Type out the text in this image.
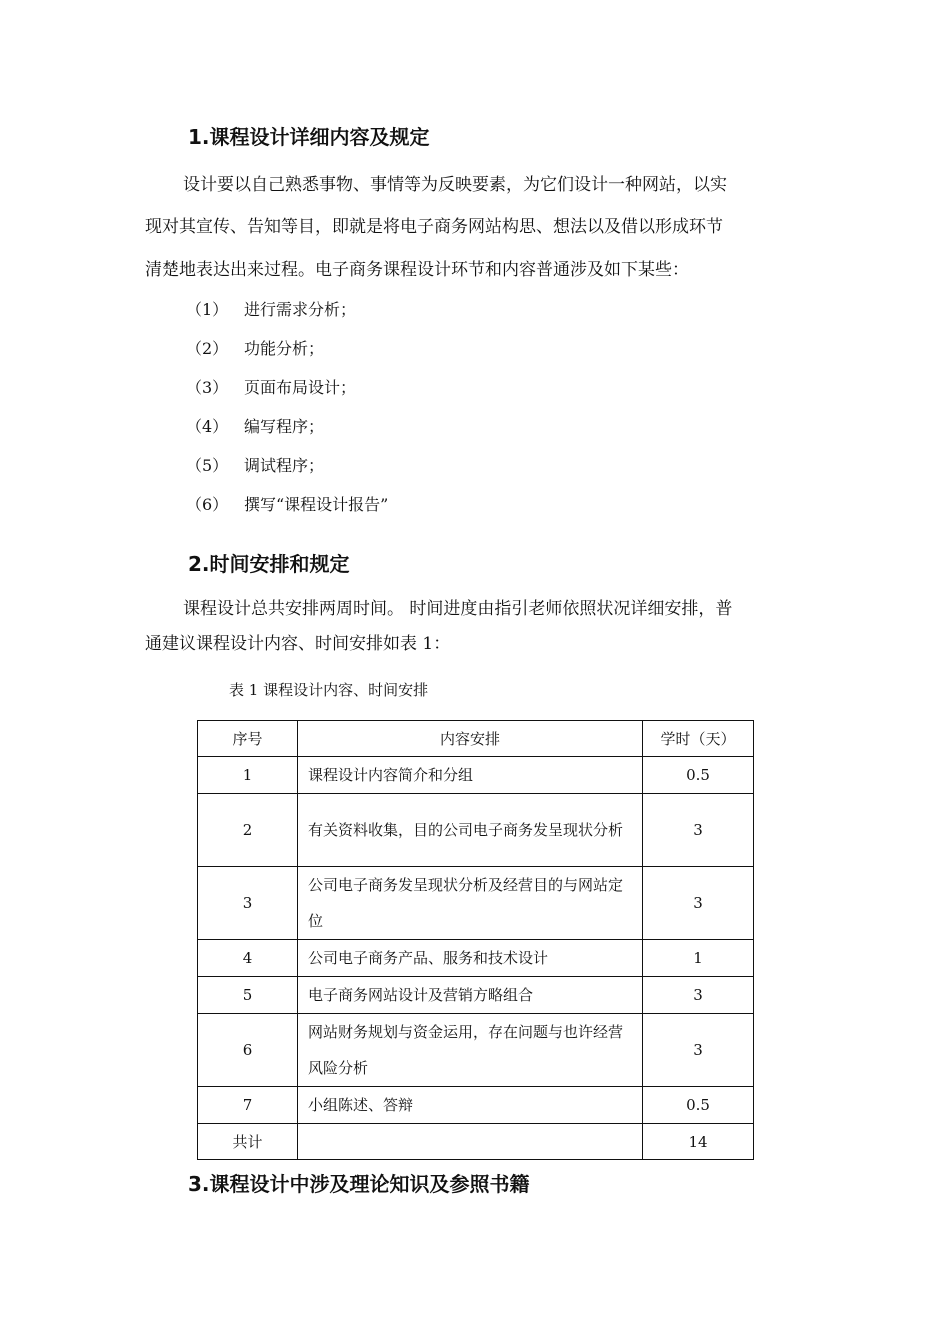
1.课程设计详细内容及规定
设计要以自己熟悉事物、事情等为反映要素，为它们设计一种网站，以实
现对其宣传、告知等目，即就是将电子商务网站构思、想法以及借以形成环节
清楚地表达出来过程。电子商务课程设计环节和内容普通涉及如下某些：
（1） 进行需求分析；
（2） 功能分析；
（3） 页面布局设计；
（4） 编写程序；
（5） 调试程序；
（6） 撰写“课程设计报告”
2.时间安排和规定
课程设计总共安排两周时间。 时间进度由指引老师依照状况详细安排，普
通建议课程设计内容、时间安排如表 1：
表 1 课程设计内容、时间安排
序号	内容安排	学时（天）
1	课程设计内容简介和分组	0.5
2	有关资料收集，目的公司电子商务发呈现状分析	3
3	公司电子商务发呈现状分析及经营目的与网站定位	3
4	公司电子商务产品、服务和技术设计	1
5	电子商务网站设计及营销方略组合	3
6	网站财务规划与资金运用，存在问题与也许经营风险分析	3
7	小组陈述、答辩	0.5
共计		14
3.课程设计中涉及理论知识及参照书籍
